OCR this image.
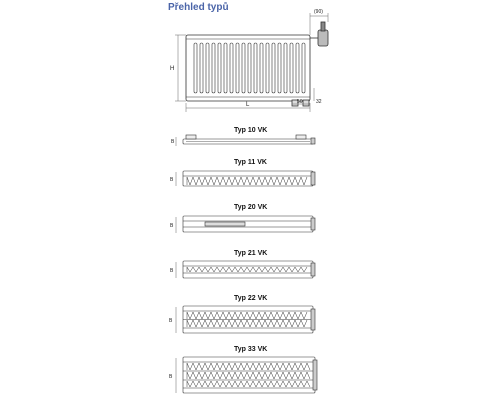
Přehled typů
H
L
(90)
50	32
Typ 10 VK
B
Typ 11 VK
B
Typ 20 VK
B
Typ 21 VK
B
Typ 22 VK
B
Typ 33 VK
B
